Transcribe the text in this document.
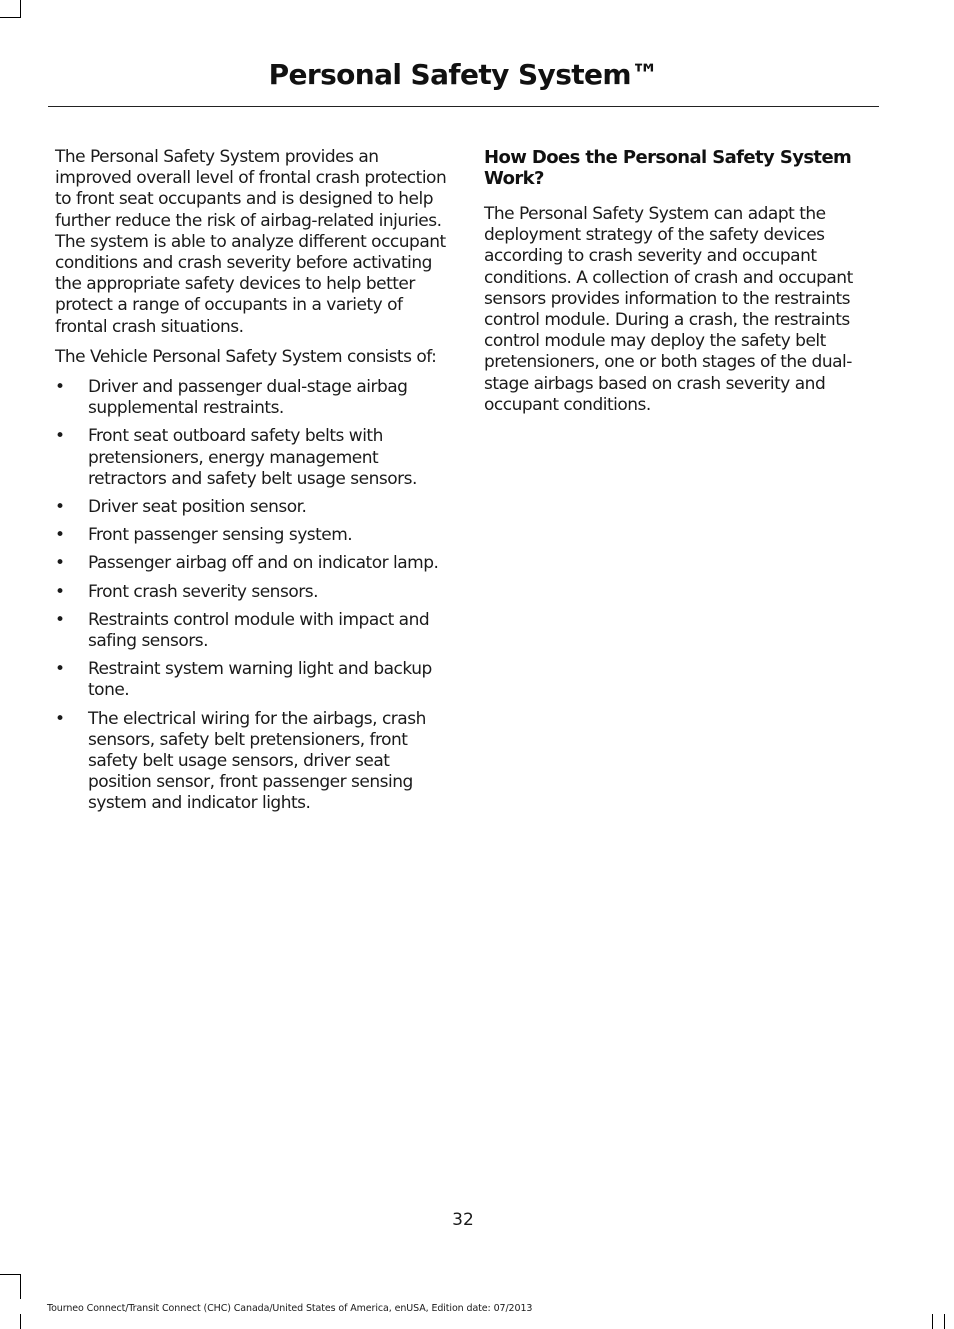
Personal Safety System™

The Personal Safety System provides an improved overall level of frontal crash protection to front seat occupants and is designed to help further reduce the risk of airbag-related injuries. The system is able to analyze different occupant conditions and crash severity before activating the appropriate safety devices to help better protect a range of occupants in a variety of frontal crash situations.

The Vehicle Personal Safety System consists of:

• Driver and passenger dual-stage airbag supplemental restraints.
• Front seat outboard safety belts with pretensioners, energy management retractors and safety belt usage sensors.
• Driver seat position sensor.
• Front passenger sensing system.
• Passenger airbag off and on indicator lamp.
• Front crash severity sensors.
• Restraints control module with impact and safing sensors.
• Restraint system warning light and backup tone.
• The electrical wiring for the airbags, crash sensors, safety belt pretensioners, front safety belt usage sensors, driver seat position sensor, front passenger sensing system and indicator lights.
How Does the Personal Safety System Work?

The Personal Safety System can adapt the deployment strategy of the safety devices according to crash severity and occupant conditions. A collection of crash and occupant sensors provides information to the restraints control module. During a crash, the restraints control module may deploy the safety belt pretensioners, one or both stages of the dual-stage airbags based on crash severity and occupant conditions.

32
Tourneo Connect/Transit Connect (CHC) Canada/United States of America, enUSA, Edition date: 07/2013
